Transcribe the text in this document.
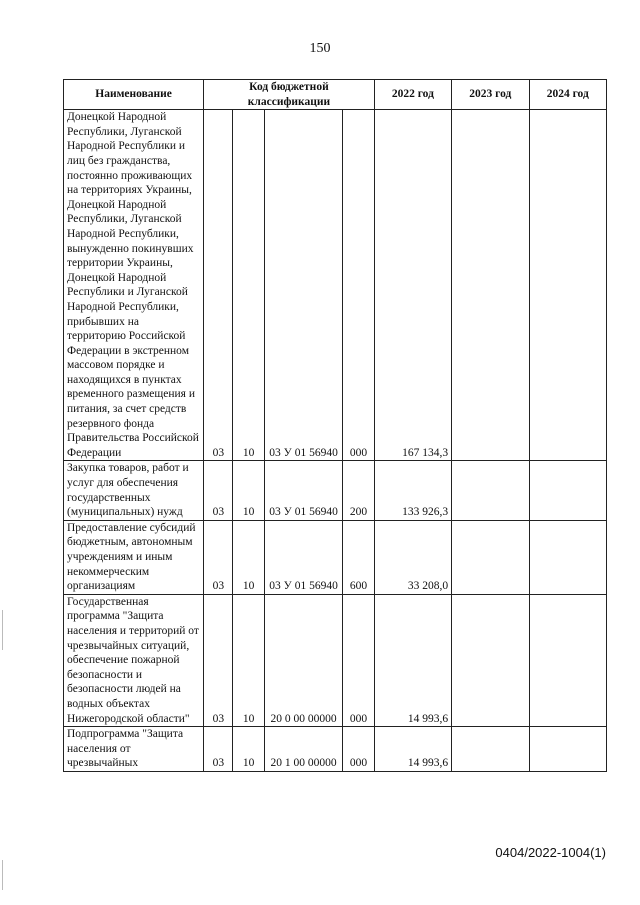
150
Наименование	Код бюджетной классификации				2022 год	2023 год	2024 год
Донецкой Народной Республики, Луганской Народной Республики и лиц без гражданства, постоянно проживающих на территориях Украины, Донецкой Народной Республики, Луганской Народной Республики, вынужденно покинувших территории Украины, Донецкой Народной Республики и Луганской Народной Республики, прибывших на территорию Российской Федерации в экстренном массовом порядке и находящихся в пунктах временного размещения и питания, за счет средств резервного фонда Правительства Российской Федерации	03	10	03 У 01 56940	000	167 134,3		
Закупка товаров, работ и услуг для обеспечения государственных (муниципальных) нужд	03	10	03 У 01 56940	200	133 926,3		
Предоставление субсидий бюджетным, автономным учреждениям и иным некоммерческим организациям	03	10	03 У 01 56940	600	33 208,0		
Государственная программа "Защита населения и территорий от чрезвычайных ситуаций, обеспечение пожарной безопасности и безопасности людей на водных объектах Нижегородской области"	03	10	20 0 00 00000	000	14 993,6		
Подпрограмма "Защита населения от чрезвычайных	03	10	20 1 00 00000	000	14 993,6		
0404/2022-1004(1)
